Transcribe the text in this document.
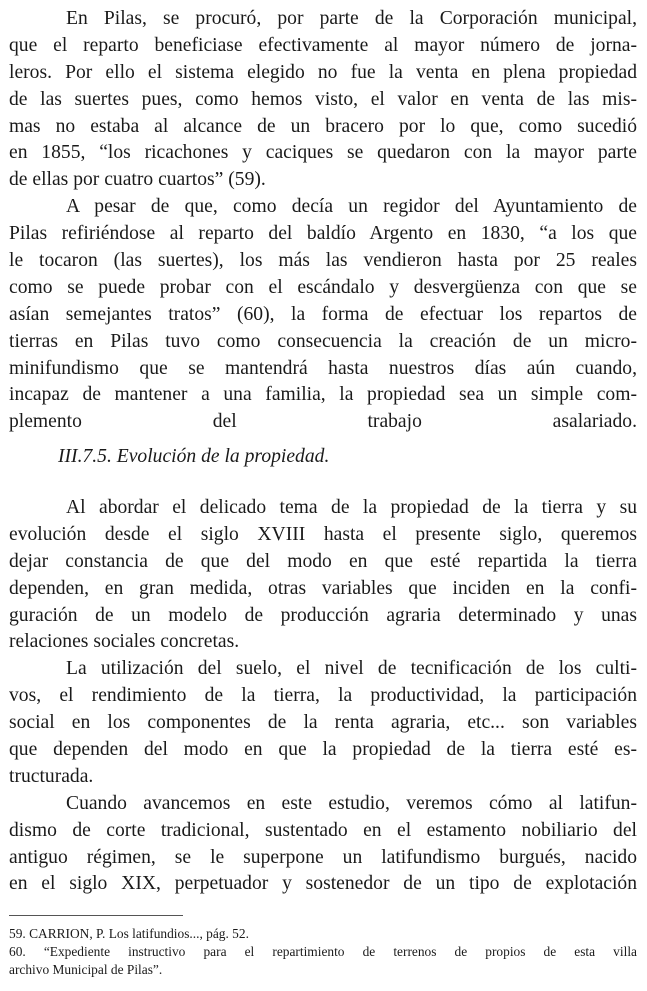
En Pilas, se procuró, por parte de la Corporación municipal,
que el reparto beneficiase efectivamente al mayor número de jorna-
leros. Por ello el sistema elegido no fue la venta en plena propiedad
de las suertes pues, como hemos visto, el valor en venta de las mis-
mas no estaba al alcance de un bracero por lo que, como sucedió
en 1855, “los ricachones y caciques se quedaron con la mayor parte
de ellas por cuatro cuartos” (59).
A pesar de que, como decía un regidor del Ayuntamiento de
Pilas refiriéndose al reparto del baldío Argento en 1830, “a los que
le tocaron (las suertes), los más las vendieron hasta por 25 reales
como se puede probar con el escándalo y desvergüenza con que se
asían semejantes tratos” (60), la forma de efectuar los repartos de
tierras en Pilas tuvo como consecuencia la creación de un micro-
minifundismo que se mantendrá hasta nuestros días aún cuando,
incapaz de mantener a una familia, la propiedad sea un simple com-
plemento del trabajo asalariado.
III.7.5. Evolución de la propiedad.
Al abordar el delicado tema de la propiedad de la tierra y su
evolución desde el siglo XVIII hasta el presente siglo, queremos
dejar constancia de que del modo en que esté repartida la tierra
dependen, en gran medida, otras variables que inciden en la confi-
guración de un modelo de producción agraria determinado y unas
relaciones sociales concretas.
La utilización del suelo, el nivel de tecnificación de los culti-
vos, el rendimiento de la tierra, la productividad, la participación
social en los componentes de la renta agraria, etc... son variables
que dependen del modo en que la propiedad de la tierra esté es-
tructurada.
Cuando avancemos en este estudio, veremos cómo al latifun-
dismo de corte tradicional, sustentado en el estamento nobiliario del
antiguo régimen, se le superpone un latifundismo burgués, nacido
en el siglo XIX, perpetuador y sostenedor de un tipo de explotación
59. CARRION, P. Los latifundios..., pág. 52.
60. “Expediente instructivo para el repartimiento de terrenos de propios de esta villa
archivo Municipal de Pilas”.
